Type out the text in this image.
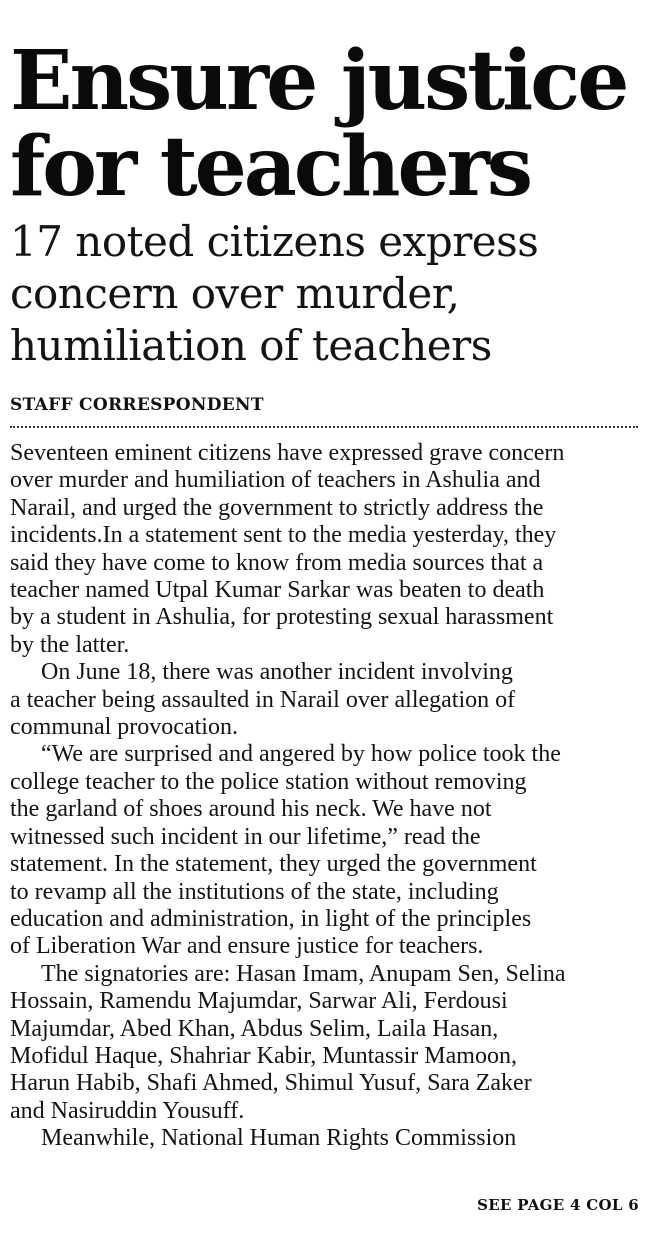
Ensure justice
for teachers
17 noted citizens express
concern over murder,
humiliation of teachers
STAFF CORRESPONDENT

Seventeen eminent citizens have expressed grave concern
over murder and humiliation of teachers in Ashulia and
Narail, and urged the government to strictly address the
incidents.In a statement sent to the media yesterday, they
said they have come to know from media sources that a
teacher named Utpal Kumar Sarkar was beaten to death
by a student in Ashulia, for protesting sexual harassment
by the latter.

On June 18, there was another incident involving
a teacher being assaulted in Narail over allegation of
communal provocation.

“We are surprised and angered by how police took the
college teacher to the police station without removing
the garland of shoes around his neck. We have not
witnessed such incident in our lifetime,” read the
statement. In the statement, they urged the government
to revamp all the institutions of the state, including
education and administration, in light of the principles
of Liberation War and ensure justice for teachers.

The signatories are: Hasan Imam, Anupam Sen, Selina
Hossain, Ramendu Majumdar, Sarwar Ali, Ferdousi
Majumdar, Abed Khan, Abdus Selim, Laila Hasan,
Mofidul Haque, Shahriar Kabir, Muntassir Mamoon,
Harun Habib, Shafi Ahmed, Shimul Yusuf, Sara Zaker
and Nasiruddin Yousuff.

Meanwhile, National Human Rights Commission

SEE PAGE 4 COL 6
